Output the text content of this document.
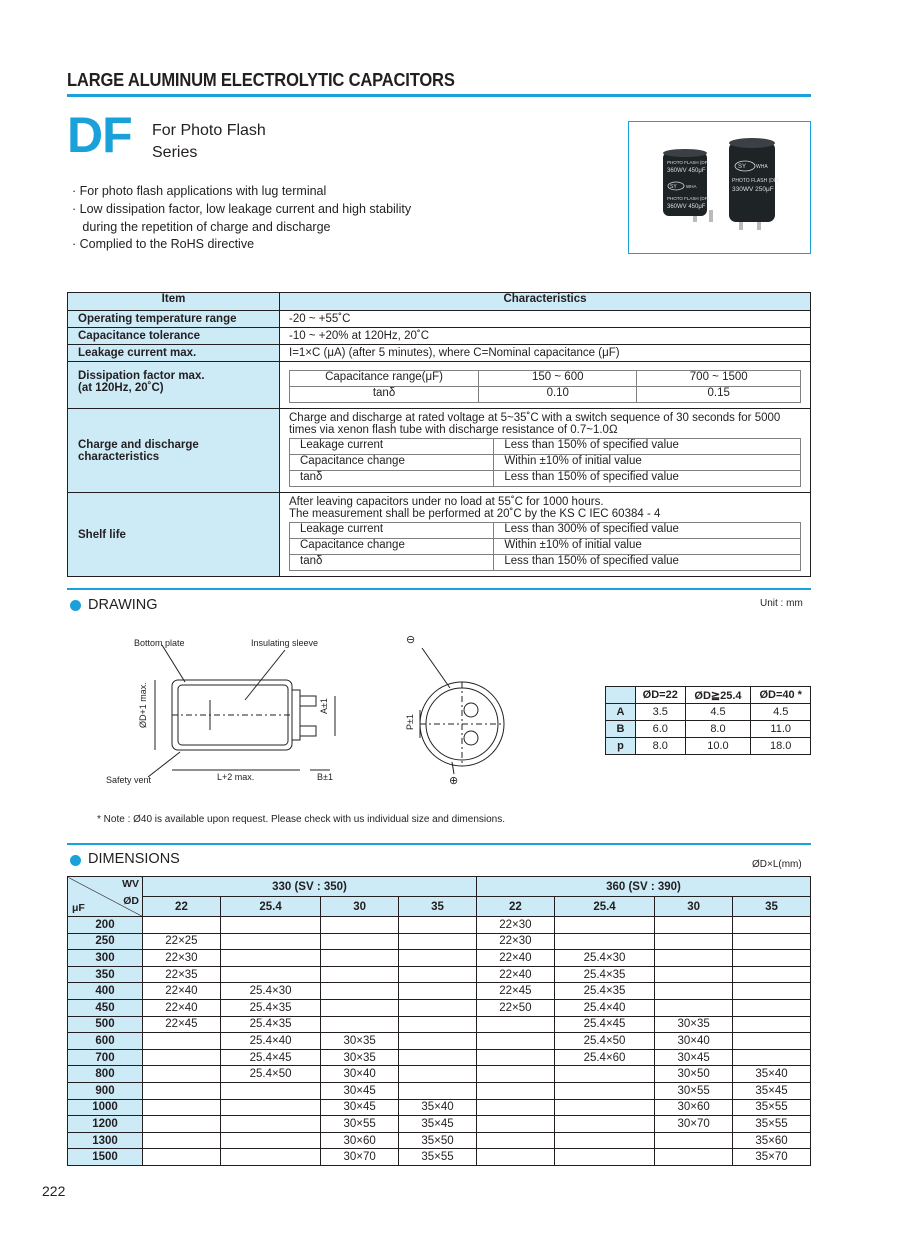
LARGE ALUMINUM ELECTROLYTIC CAPACITORS
DF For Photo Flash
Series
· For photo flash applications with lug terminal
· Low dissipation factor, low leakage current and high stability
during the repetition of charge and discharge
· Complied to the RoHS directive
PHOTO FLASH (DF)
360WV 450μF
SY WHA
PHOTO FLASH (DF)
360WV 450μF
SY WHA
PHOTO FLASH (DF)
330WV 250μF
Item	Characteristics
Operating temperature range	-20 ~ +55˚C
Capacitance tolerance	-10 ~ +20% at 120Hz, 20˚C
Leakage current max.	I=1×C (μA) (after 5 minutes), where C=Nominal capacitance (μF)

Dissipation factor max.
(at 120Hz, 20˚C)

Capacitance range(μF)	150 ~ 600	700 ~ 1500
tanδ	0.10	0.15

Charge and discharge
characteristics

Charge and discharge at rated voltage at 5~35˚C with a switch sequence of 30 seconds for 5000
times via xenon flash tube with discharge resistance of 0.7~1.0Ω
Leakage current	Less than 150% of specified value
Capacitance change	Within ±10% of initial value
tanδ	Less than 150% of specified value

Shelf life	
After leaving capacitors under no load at 55˚C for 1000 hours.
The measurement shall be performed at 20˚C by the KS C IEC 60384 - 4
Leakage current	Less than 300% of specified value
Capacitance change	Within ±10% of initial value
tanδ	Less than 150% of specified value
DRAWING	Unit : mm
Bottom plate	Insulating sleeve
Safety vent	L+2 max.	B±1
ØD+1 max.	A±1
P±1
⊖
⊕
	ØD=22	ØD≧25.4	ØD=40 *
A	3.5	4.5	4.5
B	6.0	8.0	11.0
p	8.0	10.0	18.0
* Note : Ø40 is available upon request. Please check with us individual size and dimensions.
DIMENSIONS	ØD×L(mm)
WV
ØD
μF	330 (SV : 350)				360 (SV : 390)			
	22	25.4	30	35	22	25.4	30	35
200					22×30			
250	22×25				22×30			
300	22×30				22×40	25.4×30		
350	22×35				22×40	25.4×35		
400	22×40	25.4×30			22×45	25.4×35		
450	22×40	25.4×35			22×50	25.4×40		
500	22×45	25.4×35				25.4×45	30×35	
600		25.4×40	30×35			25.4×50	30×40	
700		25.4×45	30×35			25.4×60	30×45	
800		25.4×50	30×40				30×50	35×40
900			30×45				30×55	35×45
1000			30×45	35×40			30×60	35×55
1200			30×55	35×45			30×70	35×55
1300			30×60	35×50				35×60
1500			30×70	35×55				35×70
222
